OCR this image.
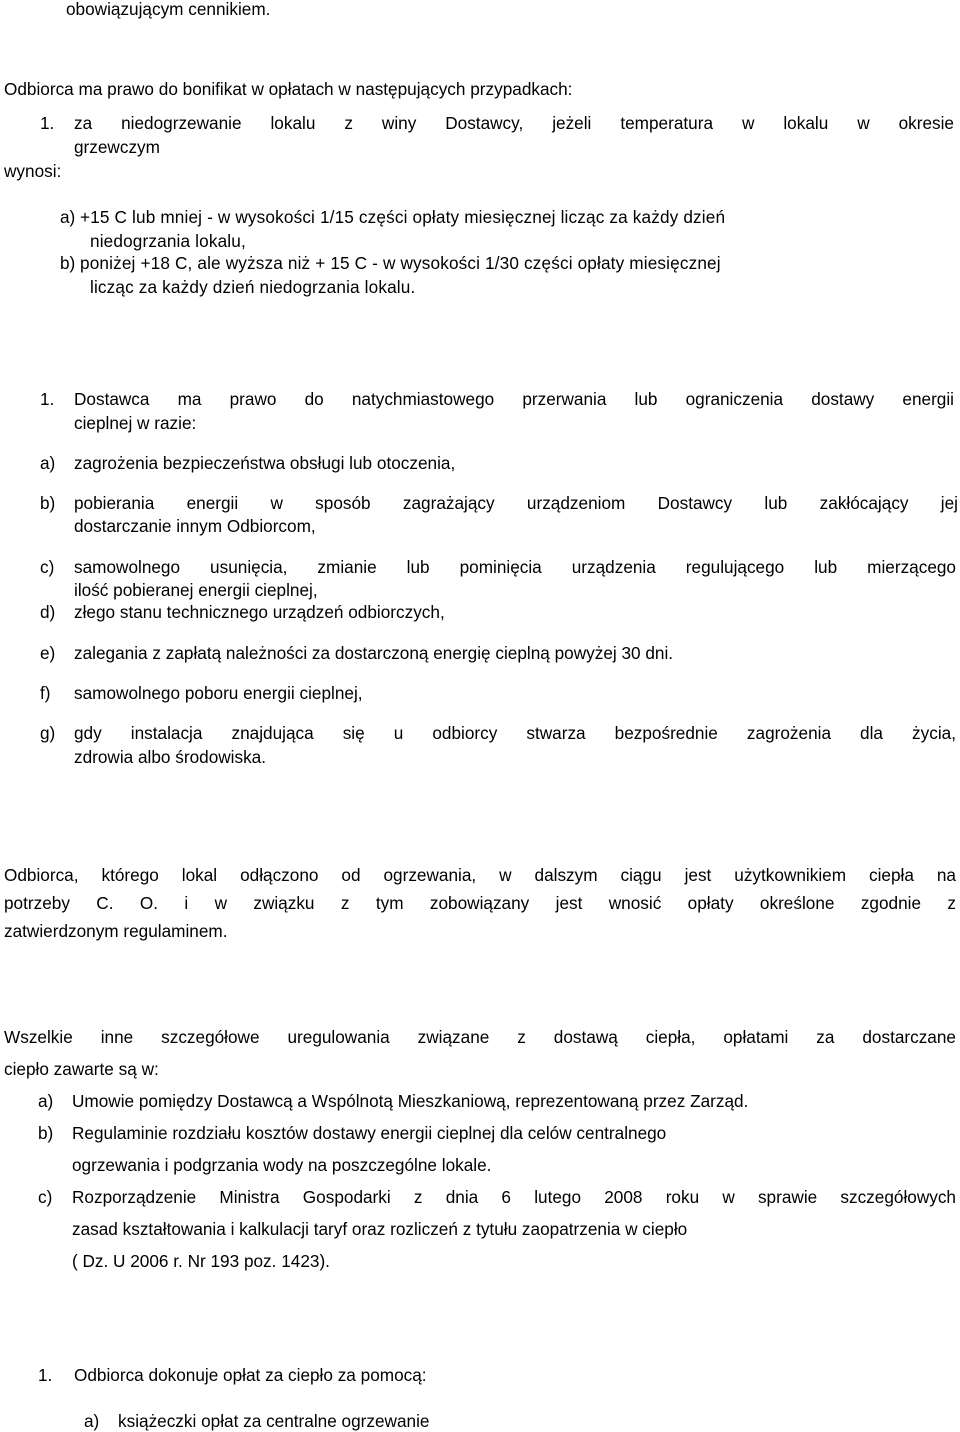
obowiązującym cennikiem.
Odbiorca ma prawo do bonifikat w opłatach w następujących przypadkach:
1. za niedogrzewanie lokalu z winy Dostawcy, jeżeli temperatura w lokalu w okresie
grzewczym
wynosi:
a) +15 C lub mniej - w wysokości 1/15 części opłaty miesięcznej licząc za każdy dzień
niedogrzania lokalu,
b) poniżej +18 C, ale wyższa niż + 15 C - w wysokości 1/30 części opłaty miesięcznej
licząc za każdy dzień niedogrzania lokalu.
1. Dostawca ma prawo do natychmiastowego przerwania lub ograniczenia dostawy energii
cieplnej w razie:
a) zagrożenia bezpieczeństwa obsługi lub otoczenia,
b) pobierania energii w sposób zagrażający urządzeniom Dostawcy lub zakłócający jej
dostarczanie innym Odbiorcom,
c) samowolnego usunięcia, zmianie lub pominięcia urządzenia regulującego lub mierzącego
ilość pobieranej energii cieplnej,
d) złego stanu technicznego urządzeń odbiorczych,
e) zalegania z zapłatą należności za dostarczoną energię cieplną powyżej 30 dni.
f) samowolnego poboru energii cieplnej,
g) gdy instalacja znajdująca się u odbiorcy stwarza bezpośrednie zagrożenia dla życia,
zdrowia albo środowiska.
Odbiorca, którego lokal odłączono od ogrzewania, w dalszym ciągu jest użytkownikiem ciepła na
potrzeby C. O. i w związku z tym zobowiązany jest wnosić opłaty określone zgodnie z
zatwierdzonym regulaminem.
Wszelkie inne szczegółowe uregulowania związane z dostawą ciepła, opłatami za dostarczane
ciepło zawarte są w:
a) Umowie pomiędzy Dostawcą a Wspólnotą Mieszkaniową, reprezentowaną przez Zarząd.
b) Regulaminie rozdziału kosztów dostawy energii cieplnej dla celów centralnego
ogrzewania i podgrzania wody na poszczególne lokale.
c) Rozporządzenie Ministra Gospodarki z dnia 6 lutego 2008 roku w sprawie szczegółowych
zasad kształtowania i kalkulacji taryf oraz rozliczeń z tytułu zaopatrzenia w ciepło
( Dz. U 2006 r. Nr 193 poz. 1423).
1. Odbiorca dokonuje opłat za ciepło za pomocą:
a) książeczki opłat za centralne ogrzewanie
